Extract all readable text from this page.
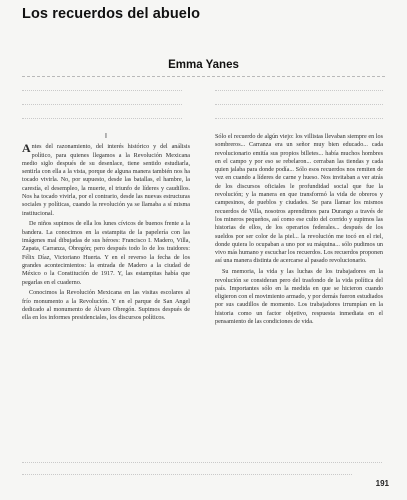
Los recuerdos del abuelo
Emma Yanes
I

Antes del razonamiento, del interés histórico y del análisis político, para quienes llegamos a la Revolución Mexicana medio siglo después de su desenlace, tiene sentido estudiarla, sentirla con ella a la vista, porque de alguna manera también nos ha tocado vivirla. No, por supuesto, desde las batallas, el hambre, la carestía, el desempleo, la muerte, el triunfo de líderes y caudillos. Nos ha tocado vivirla, por el contrario, desde las nuevas estructuras sociales y políticas, cuando la revolución ya se llamaba a sí misma institucional.

De niños supimos de ella los lunes cívicos de buenos frente a la bandera. La conocimos en la estampita de la papelería con las imágenes mal dibujadas de sus héroes: Francisco I. Madero, Villa, Zapata, Carranza, Obregón; pero después todo lo de los traidores: Félix Díaz, Victoriano Huerta. Y en el reverso la fecha de los grandes acontecimientos: la entrada de Madero a la ciudad de México o la Constitución de 1917. Y, las estampitas había que pegarlas en el cuaderno.

Conocimos la Revolución Mexicana en las visitas escolares al frío monumento a la Revolución. Y en el parque de San Angel dedicado al monumento de Álvaro Obregón. Supimos después de ella en los informes presidenciales, los discursos políticos.

Sólo el recuerdo de algún viejo: los villistas llevaban siempre en los sombreros... Carranza era un señor muy bien educado... cada revolucionario emitía sus propios billetes... había muchos hombres en el campo y por eso se rebelaron... cerraban las tiendas y cada quien jalaba para donde podía... Sólo esos recuerdos nos remiten de vez en cuando a líderes de carne y hueso. Nos invitaban a ver atrás de los discursos oficiales le profundidad social que fue la revolución; y la manera en que transformó la vida de obreros y campesinos, de pueblos y ciudades. Se para llamar los mismos recuerdos de Villa, nosotros aprendimos para Durango a través de los mineros pequeños, así como ese culto del corrido y supimos las historias de ellos, de los operarios federales... después de los sueldos por ser color de la piel... la revolución me tocó en el riel, donde quiera lo ocupaban a uno por su máquina... sólo pudimos un vivo más humano y escuchar los recuerdos. Los recuerdos proponen así una manera distinta de acercarse al pasado revolucionario.

Su memoria, la vida y las luchas de los trabajadores en la revolución se consideran pero del trasfondo de la vida política del país. Importantes sólo en la medida en que se hicieron cuando eligieron con el movimiento armado, y por demás fueron estudiados por sus caudillos de momento. Los trabajadores irrumpían en la historia como un factor objetivo, respuesta inmediata en el pensamiento de las condiciones de vida.

191
